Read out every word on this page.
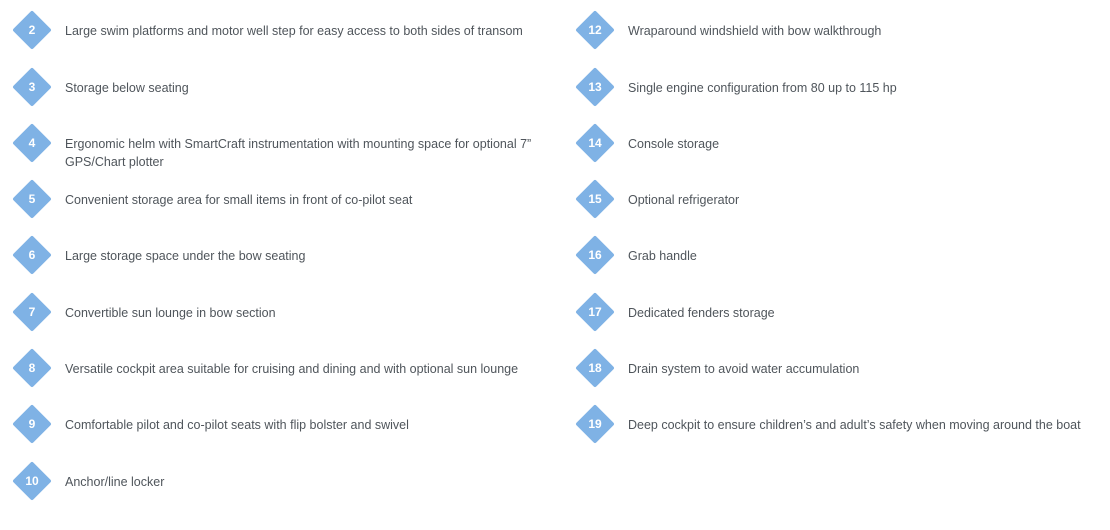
2	Large swim platforms and motor well step for easy access to both sides of transom
3	Storage below seating
4	Ergonomic helm with SmartCraft instrumentation with mounting space for optional 7” GPS/Chart plotter
5	Convenient storage area for small items in front of co-pilot seat
6	Large storage space under the bow seating
7	Convertible sun lounge in bow section
8	Versatile cockpit area suitable for cruising and dining and with optional sun lounge
9	Comfortable pilot and co-pilot seats with flip bolster and swivel
10	Anchor/line locker
12	Wraparound windshield with bow walkthrough
13	Single engine configuration from 80 up to 115 hp
14	Console storage
15	Optional refrigerator
16	Grab handle
17	Dedicated fenders storage
18	Drain system to avoid water accumulation
19	Deep cockpit to ensure children’s and adult’s safety when moving around the boat
